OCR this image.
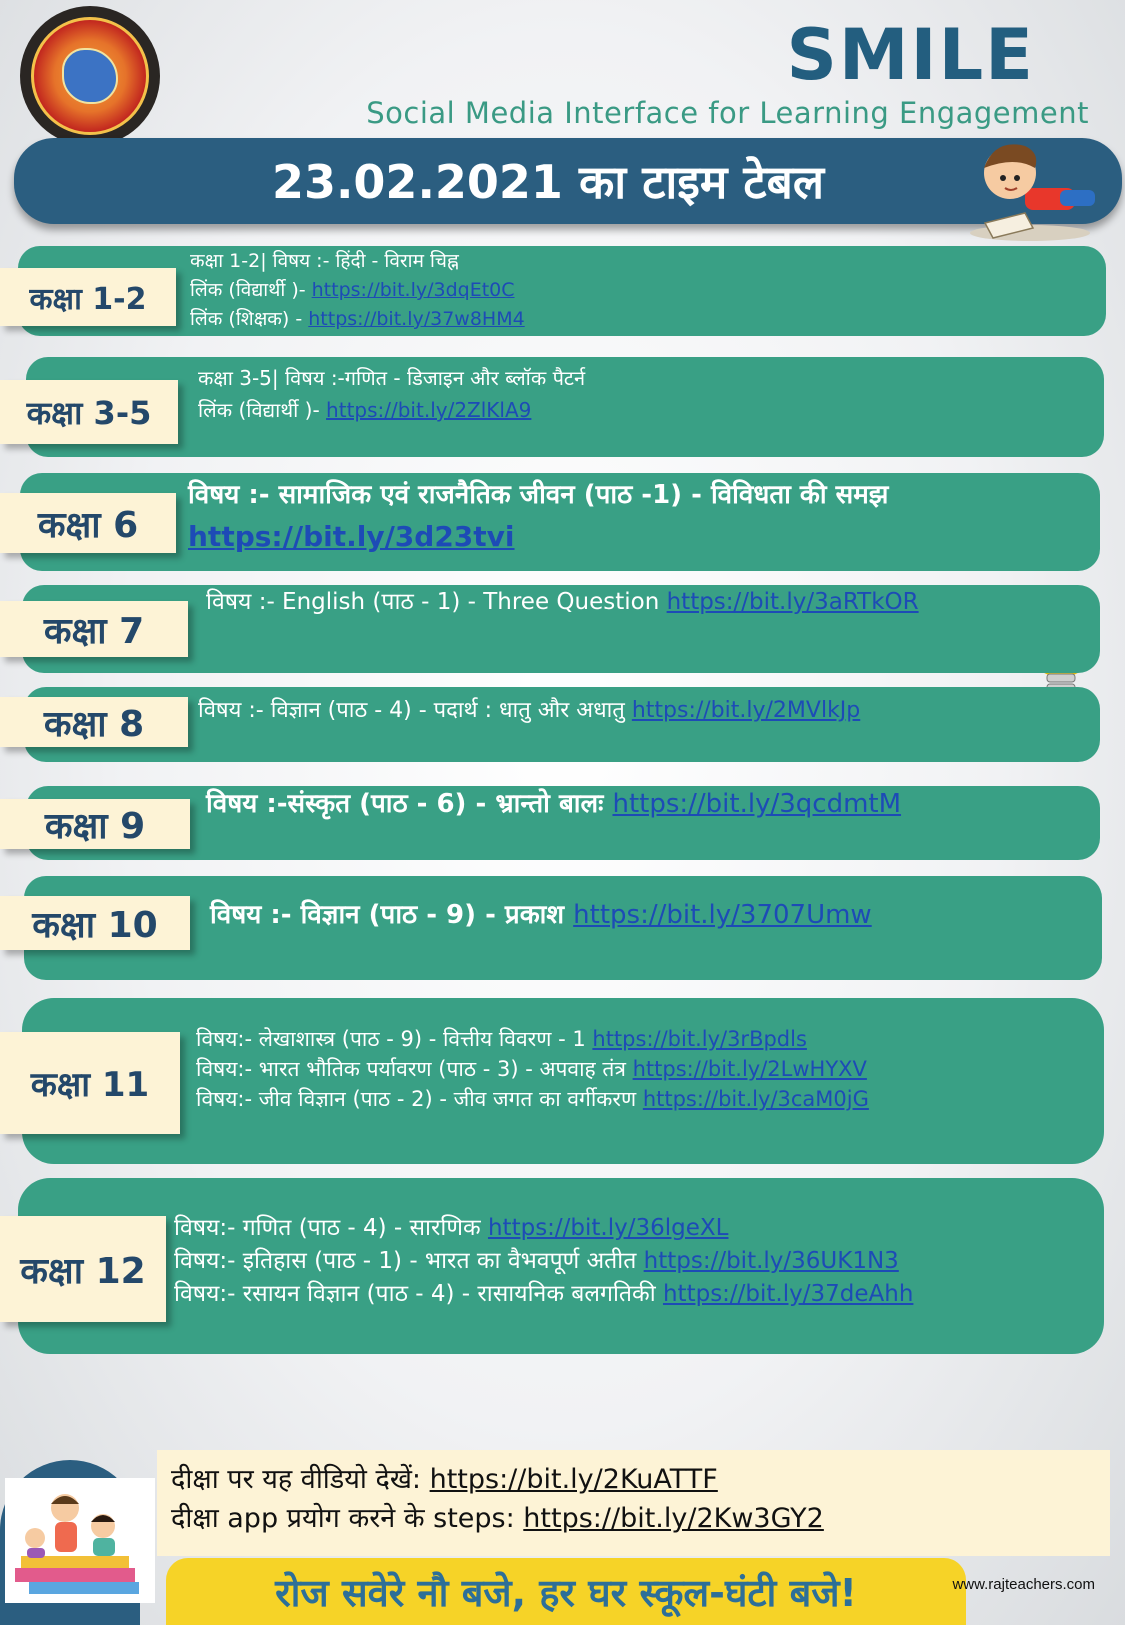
SMILE
Social Media Interface for Learning Engagement
23.02.2021 का टाइम टेबल
कक्षा 1-2
कक्षा 1-2| विषय :- हिंदी - विराम चिह्न
लिंक (विद्यार्थी )- https://bit.ly/3dqEt0C
लिंक (शिक्षक) - https://bit.ly/37w8HM4
कक्षा 3-5
कक्षा 3-5| विषय :-गणित - डिजाइन और ब्लॉक पैटर्न
लिंक (विद्यार्थी )- https://bit.ly/2ZlKlA9
कक्षा 6
विषय :- सामाजिक एवं राजनैतिक जीवन (पाठ -1) - विविधता की समझ
https://bit.ly/3d23tvi
कक्षा 7
विषय :- English (पाठ - 1) - Three Question https://bit.ly/3aRTkOR
कक्षा 8	विषय :- विज्ञान (पाठ - 4) - पदार्थ : धातु और अधातु https://bit.ly/2MVlkJp
कक्षा 9
विषय :-संस्कृत (पाठ - 6) - भ्रान्तो बालः https://bit.ly/3qcdmtM
कक्षा 10	विषय :- विज्ञान (पाठ - 9) - प्रकाश https://bit.ly/3707Umw
कक्षा 11
विषय:- लेखाशास्त्र (पाठ - 9) - वित्तीय विवरण - 1 https://bit.ly/3rBpdls
विषय:- भारत भौतिक पर्यावरण (पाठ - 3) - अपवाह तंत्र https://bit.ly/2LwHYXV
विषय:- जीव विज्ञान (पाठ - 2) - जीव जगत का वर्गीकरण https://bit.ly/3caM0jG
कक्षा 12
विषय:- गणित (पाठ - 4) - सारणिक https://bit.ly/36lgeXL
विषय:- इतिहास (पाठ - 1) - भारत का वैभवपूर्ण अतीत https://bit.ly/36UK1N3
विषय:- रसायन विज्ञान (पाठ - 4) - रासायनिक बलगतिकी https://bit.ly/37deAhh
दीक्षा पर यह वीडियो देखें: https://bit.ly/2KuATTF
दीक्षा app प्रयोग करने के steps: https://bit.ly/2Kw3GY2
रोज सवेरे नौ बजे, हर घर स्कूल-घंटी बजे!	www.rajteachers.com
